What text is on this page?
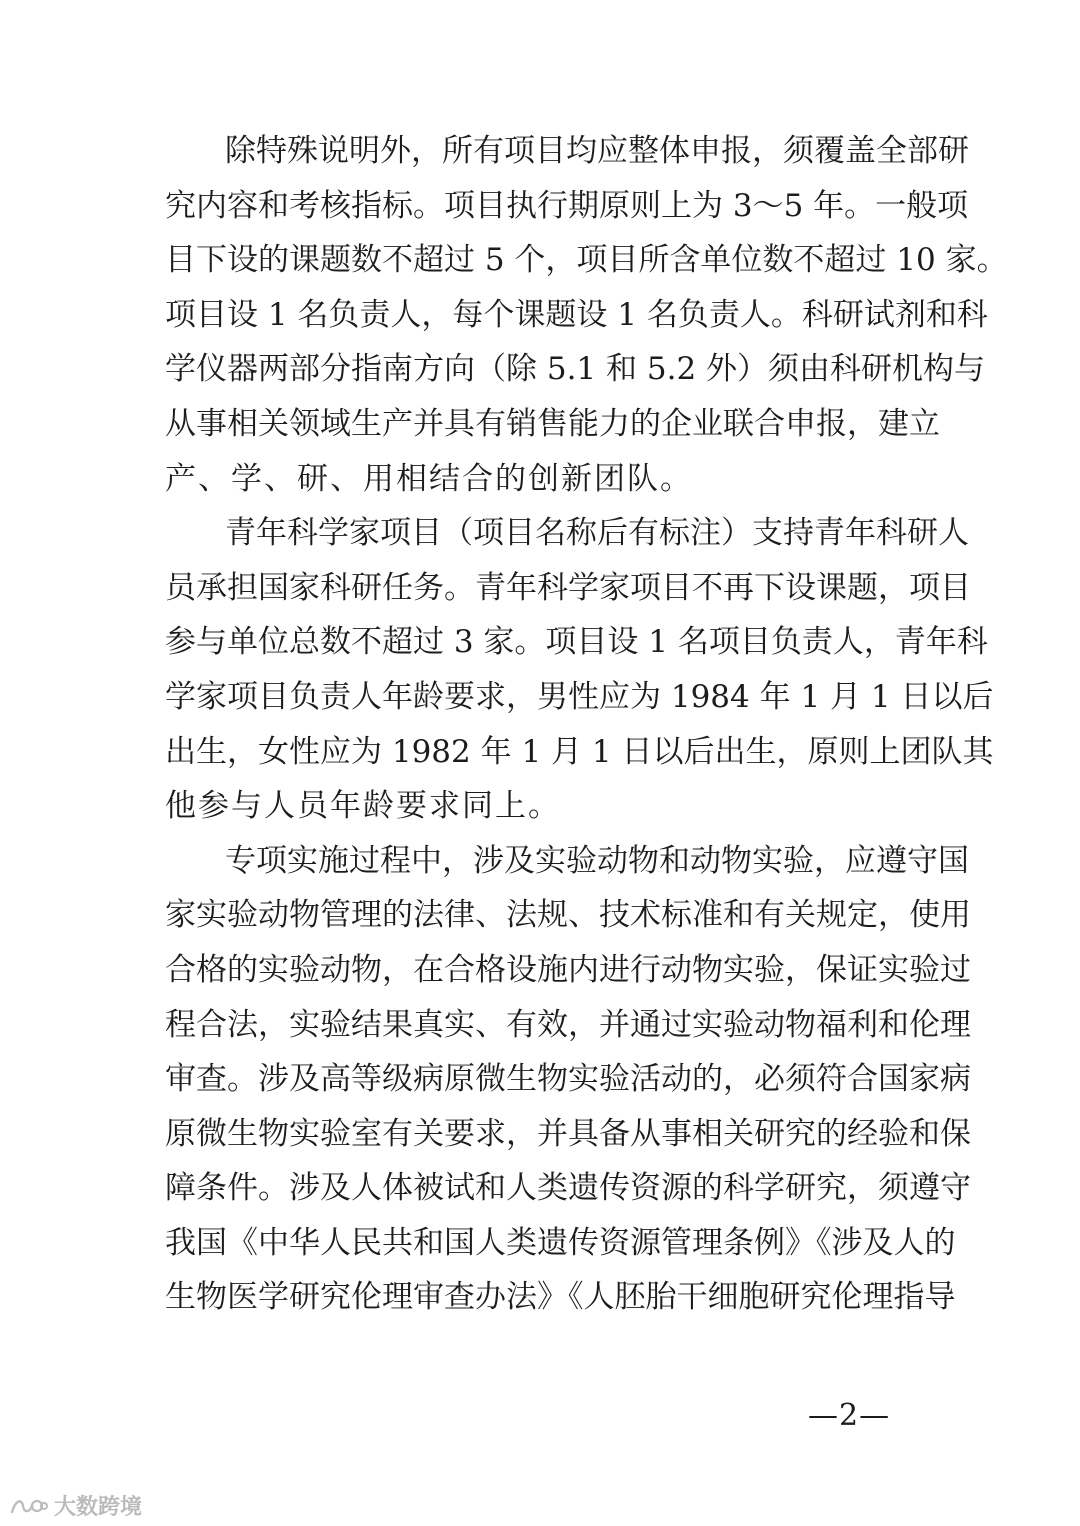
除特殊说明外，所有项目均应整体申报，须覆盖全部研
究内容和考核指标。项目执行期原则上为 3～5 年。一般项
目下设的课题数不超过 5 个，项目所含单位数不超过 10 家。
项目设 1 名负责人，每个课题设 1 名负责人。科研试剂和科
学仪器两部分指南方向（除 5.1 和 5.2 外）须由科研机构与
从事相关领域生产并具有销售能力的企业联合申报，建立
产、学、研、用相结合的创新团队。
青年科学家项目（项目名称后有标注）支持青年科研人
员承担国家科研任务。青年科学家项目不再下设课题，项目
参与单位总数不超过 3 家。项目设 1 名项目负责人，青年科
学家项目负责人年龄要求，男性应为 1984 年 1 月 1 日以后
出生，女性应为 1982 年 1 月 1 日以后出生，原则上团队其
他参与人员年龄要求同上。
专项实施过程中，涉及实验动物和动物实验，应遵守国
家实验动物管理的法律、法规、技术标准和有关规定，使用
合格的实验动物，在合格设施内进行动物实验，保证实验过
程合法，实验结果真实、有效，并通过实验动物福利和伦理
审查。涉及高等级病原微生物实验活动的，必须符合国家病
原微生物实验室有关要求，并具备从事相关研究的经验和保
障条件。涉及人体被试和人类遗传资源的科学研究，须遵守
我国《中华人民共和国人类遗传资源管理条例》《涉及人的
生物医学研究伦理审查办法》《人胚胎干细胞研究伦理指导
—2—
大数跨境
